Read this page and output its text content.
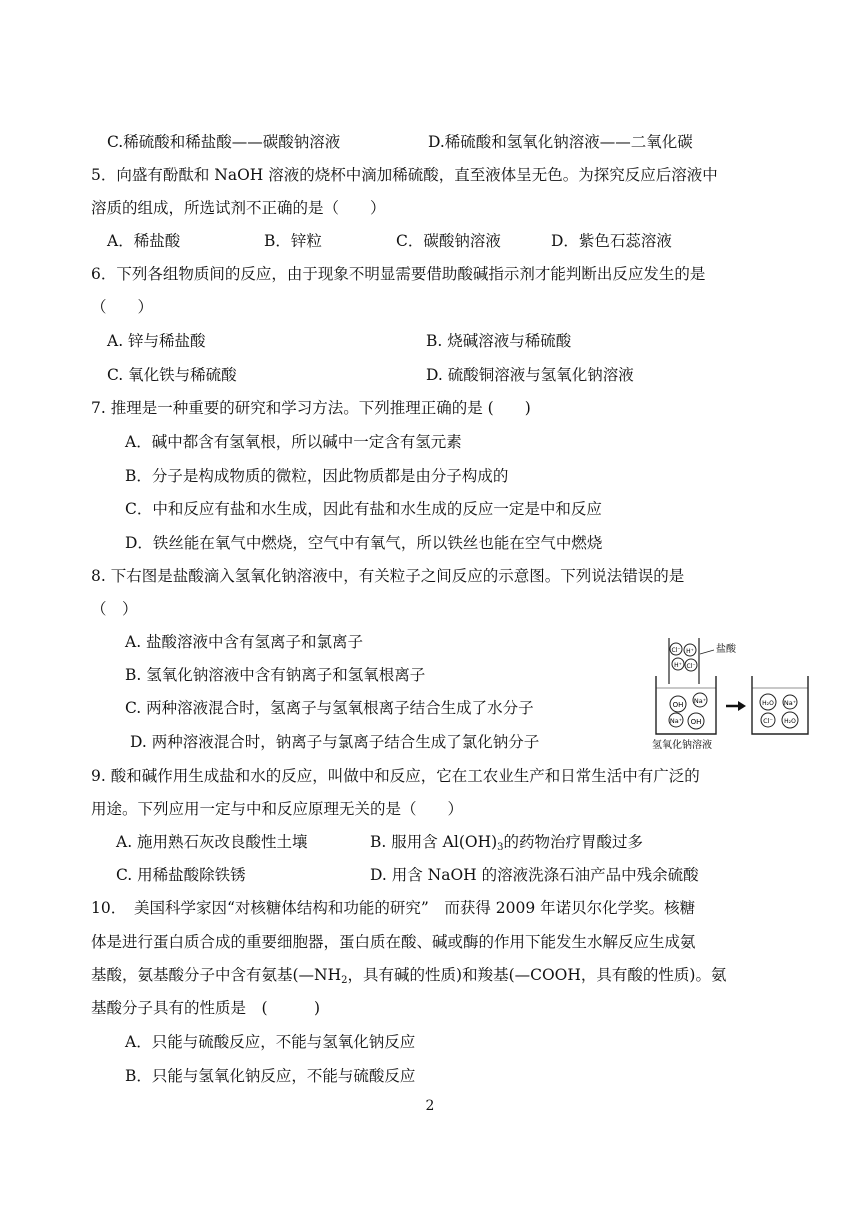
C.稀硫酸和稀盐酸——碳酸钠溶液	D.稀硫酸和氢氧化钠溶液——二氧化碳
5．向盛有酚酞和 NaOH 溶液的烧杯中滴加稀硫酸，直至液体呈无色。为探究反应后溶液中
溶质的组成，所选试剂不正确的是（　　）
A．稀盐酸	B．锌粒	C．碳酸钠溶液	D．紫色石蕊溶液
6．下列各组物质间的反应，由于现象不明显需要借助酸碱指示剂才能判断出反应发生的是
（　　）
A. 锌与稀盐酸	B. 烧碱溶液与稀硫酸
C. 氧化铁与稀硫酸	D. 硫酸铜溶液与氢氧化钠溶液
7. 推理是一种重要的研究和学习方法。下列推理正确的是 (　　)
A．碱中都含有氢氧根，所以碱中一定含有氢元素
B．分子是构成物质的微粒，因此物质都是由分子构成的
C．中和反应有盐和水生成，因此有盐和水生成的反应一定是中和反应
D．铁丝能在氧气中燃烧，空气中有氧气，所以铁丝也能在空气中燃烧
8. 下右图是盐酸滴入氢氧化钠溶液中，有关粒子之间反应的示意图。下列说法错误的是
（　）
A. 盐酸溶液中含有氢离子和氯离子
B. 氢氧化钠溶液中含有钠离子和氢氧根离子
C. 两种溶液混合时，氢离子与氢氧根离子结合生成了水分子
D. 两种溶液混合时，钠离子与氯离子结合生成了氯化钠分子
Cl⁻ H⁺
H⁺ Cl⁻
盐酸
OH Na⁺
Na⁺ OH
氢氧化钠溶液
H₂O Na⁺
Cl⁻ H₂O
9. 酸和碱作用生成盐和水的反应，叫做中和反应，它在工农业生产和日常生活中有广泛的
用途。下列应用一定与中和反应原理无关的是（　　）
A. 施用熟石灰改良酸性土壤	B. 服用含 $Al(OH)_3$的药物治疗胃酸过多
C. 用稀盐酸除铁锈	D. 用含 NaOH 的溶液洗涤石油产品中残余硫酸
10．　美国科学家因“对核糖体结构和功能的研究”　而获得 2009 年诺贝尔化学奖。核糖
体是进行蛋白质合成的重要细胞器，蛋白质在酸、碱或酶的作用下能发生水解反应生成氨
基酸，氨基酸分子中含有氨基($—NH_2$，具有碱的性质)和羧基(—COOH，具有酸的性质)。氨
基酸分子具有的性质是　(　　　)
A．只能与硫酸反应，不能与氢氧化钠反应
B．只能与氢氧化钠反应，不能与硫酸反应
2
